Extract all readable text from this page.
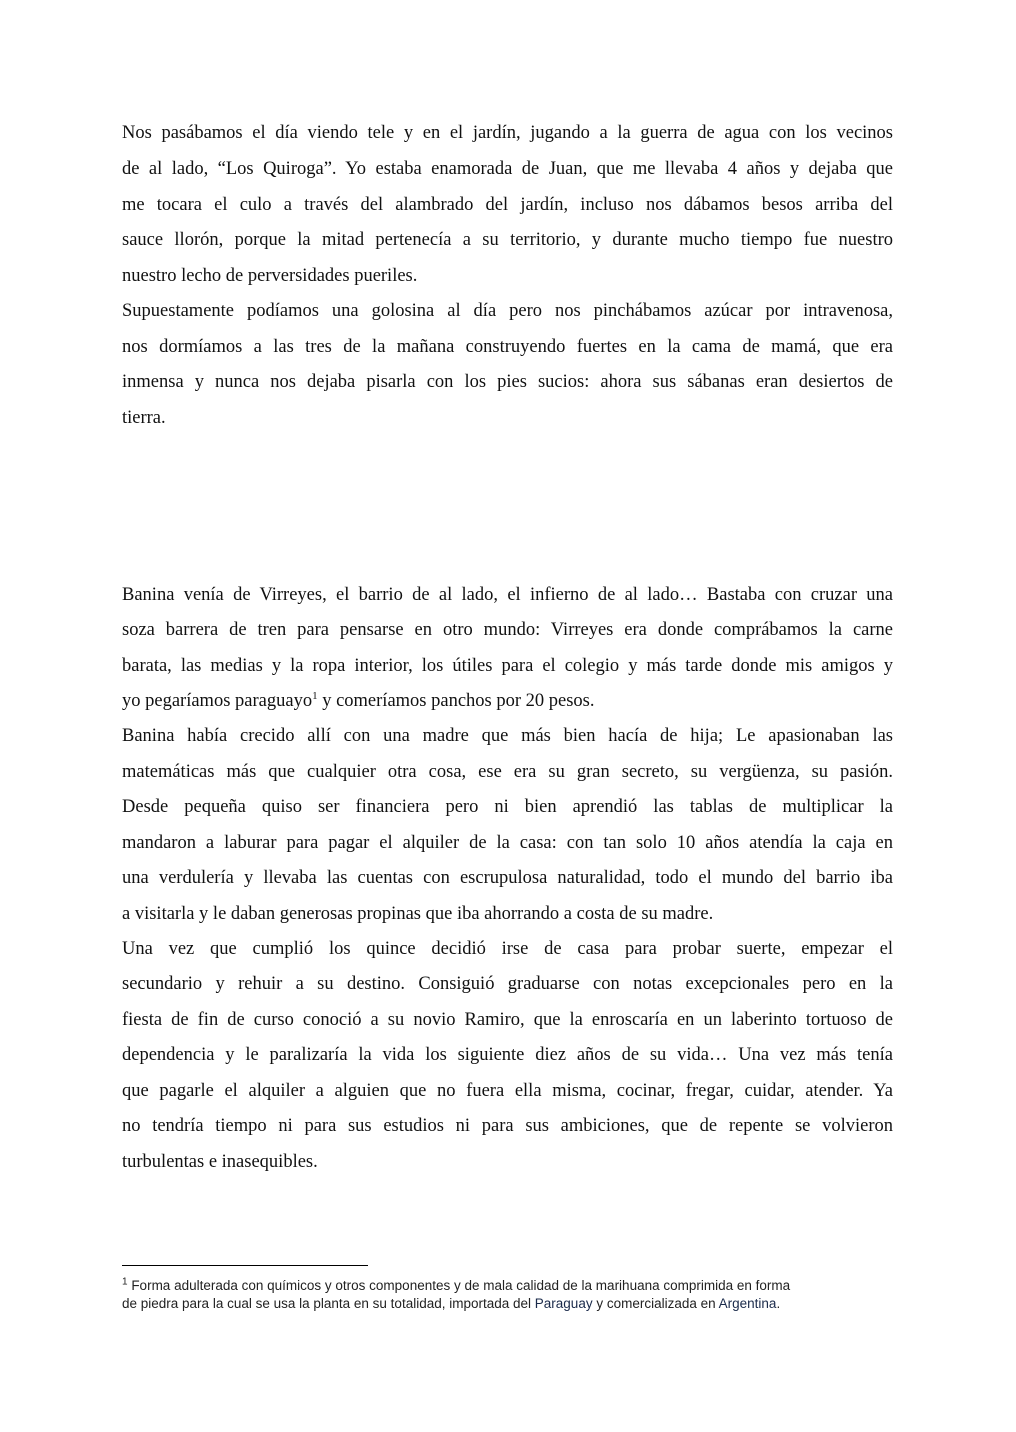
Nos pasábamos el día viendo tele y en el jardín, jugando a la guerra de agua con los vecinos
de al lado, “Los Quiroga”. Yo estaba enamorada de Juan, que me llevaba 4 años y dejaba que
me tocara el culo a través del alambrado del jardín, incluso nos dábamos besos arriba del
sauce llorón, porque la mitad pertenecía a su territorio, y durante mucho tiempo fue nuestro
nuestro lecho de perversidades pueriles.
Supuestamente podíamos una golosina al día pero nos pinchábamos azúcar por intravenosa,
nos dormíamos a las tres de la mañana construyendo fuertes en la cama de mamá, que era
inmensa y nunca nos dejaba pisarla con los pies sucios: ahora sus sábanas eran desiertos de
tierra.
Banina venía de Virreyes, el barrio de al lado, el infierno de al lado… Bastaba con cruzar una
soza barrera de tren para pensarse en otro mundo: Virreyes era donde comprábamos la carne
barata, las medias y la ropa interior, los útiles para el colegio y más tarde donde mis amigos y
yo pegaríamos paraguayo$^1$ y comeríamos panchos por 20 pesos.
Banina había crecido allí con una madre que más bien hacía de hija; Le apasionaban las
matemáticas más que cualquier otra cosa, ese era su gran secreto, su vergüenza, su pasión.
Desde pequeña quiso ser financiera pero ni bien aprendió las tablas de multiplicar la
mandaron a laburar para pagar el alquiler de la casa: con tan solo 10 años atendía la caja en
una verdulería y llevaba las cuentas con escrupulosa naturalidad, todo el mundo del barrio iba
a visitarla y le daban generosas propinas que iba ahorrando a costa de su madre.
Una vez que cumplió los quince decidió irse de casa para probar suerte, empezar el
secundario y rehuir a su destino. Consiguió graduarse con notas excepcionales pero en la
fiesta de fin de curso conoció a su novio Ramiro, que la enroscaría en un laberinto tortuoso de
dependencia y le paralizaría la vida los siguiente diez años de su vida… Una vez más tenía
que pagarle el alquiler a alguien que no fuera ella misma, cocinar, fregar, cuidar, atender. Ya
no tendría tiempo ni para sus estudios ni para sus ambiciones, que de repente se volvieron
turbulentas e inasequibles.
$^1$ Forma adulterada con químicos y otros componentes y de mala calidad de la marihuana comprimida en forma
de piedra para la cual se usa la planta en su totalidad, importada del Paraguay y comercializada en Argentina.
